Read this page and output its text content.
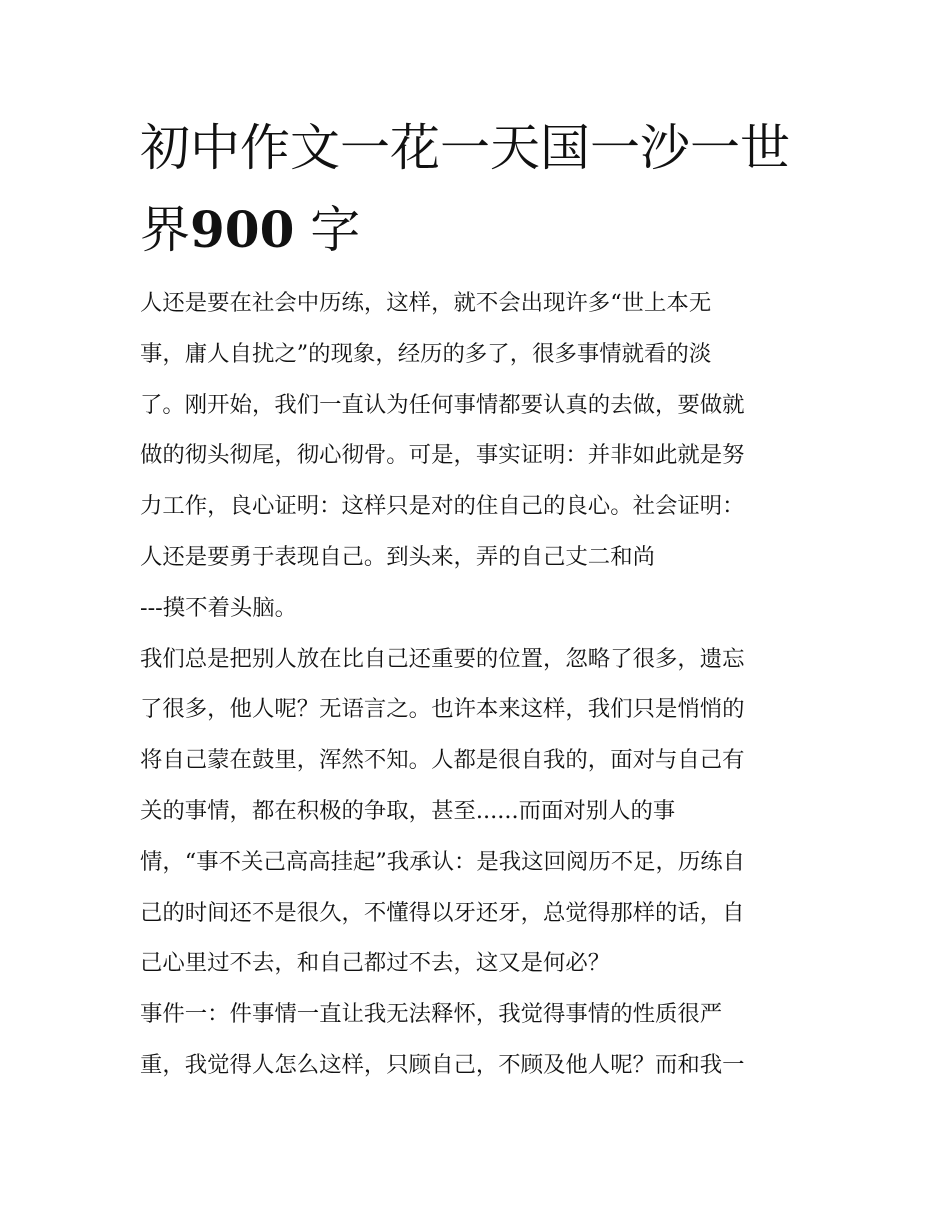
初中作文一花一天国一沙一世
界900 字
人还是要在社会中历练，这样，就不会出现许多“世上本无
事，庸人自扰之”的现象，经历的多了，很多事情就看的淡
了。刚开始，我们一直认为任何事情都要认真的去做，要做就
做的彻头彻尾，彻心彻骨。可是，事实证明：并非如此就是努
力工作，良心证明：这样只是对的住自己的良心。社会证明：
人还是要勇于表现自己。到头来，弄的自己丈二和尚
---摸不着头脑。
我们总是把别人放在比自己还重要的位置，忽略了很多，遗忘
了很多，他人呢？无语言之。也许本来这样，我们只是悄悄的
将自己蒙在鼓里，浑然不知。人都是很自我的，面对与自己有
关的事情，都在积极的争取，甚至......而面对别人的事
情，“事不关己高高挂起”我承认：是我这回阅历不足，历练自
己的时间还不是很久，不懂得以牙还牙，总觉得那样的话，自
己心里过不去，和自己都过不去，这又是何必？
事件一：件事情一直让我无法释怀，我觉得事情的性质很严
重，我觉得人怎么这样，只顾自己，不顾及他人呢？而和我一
